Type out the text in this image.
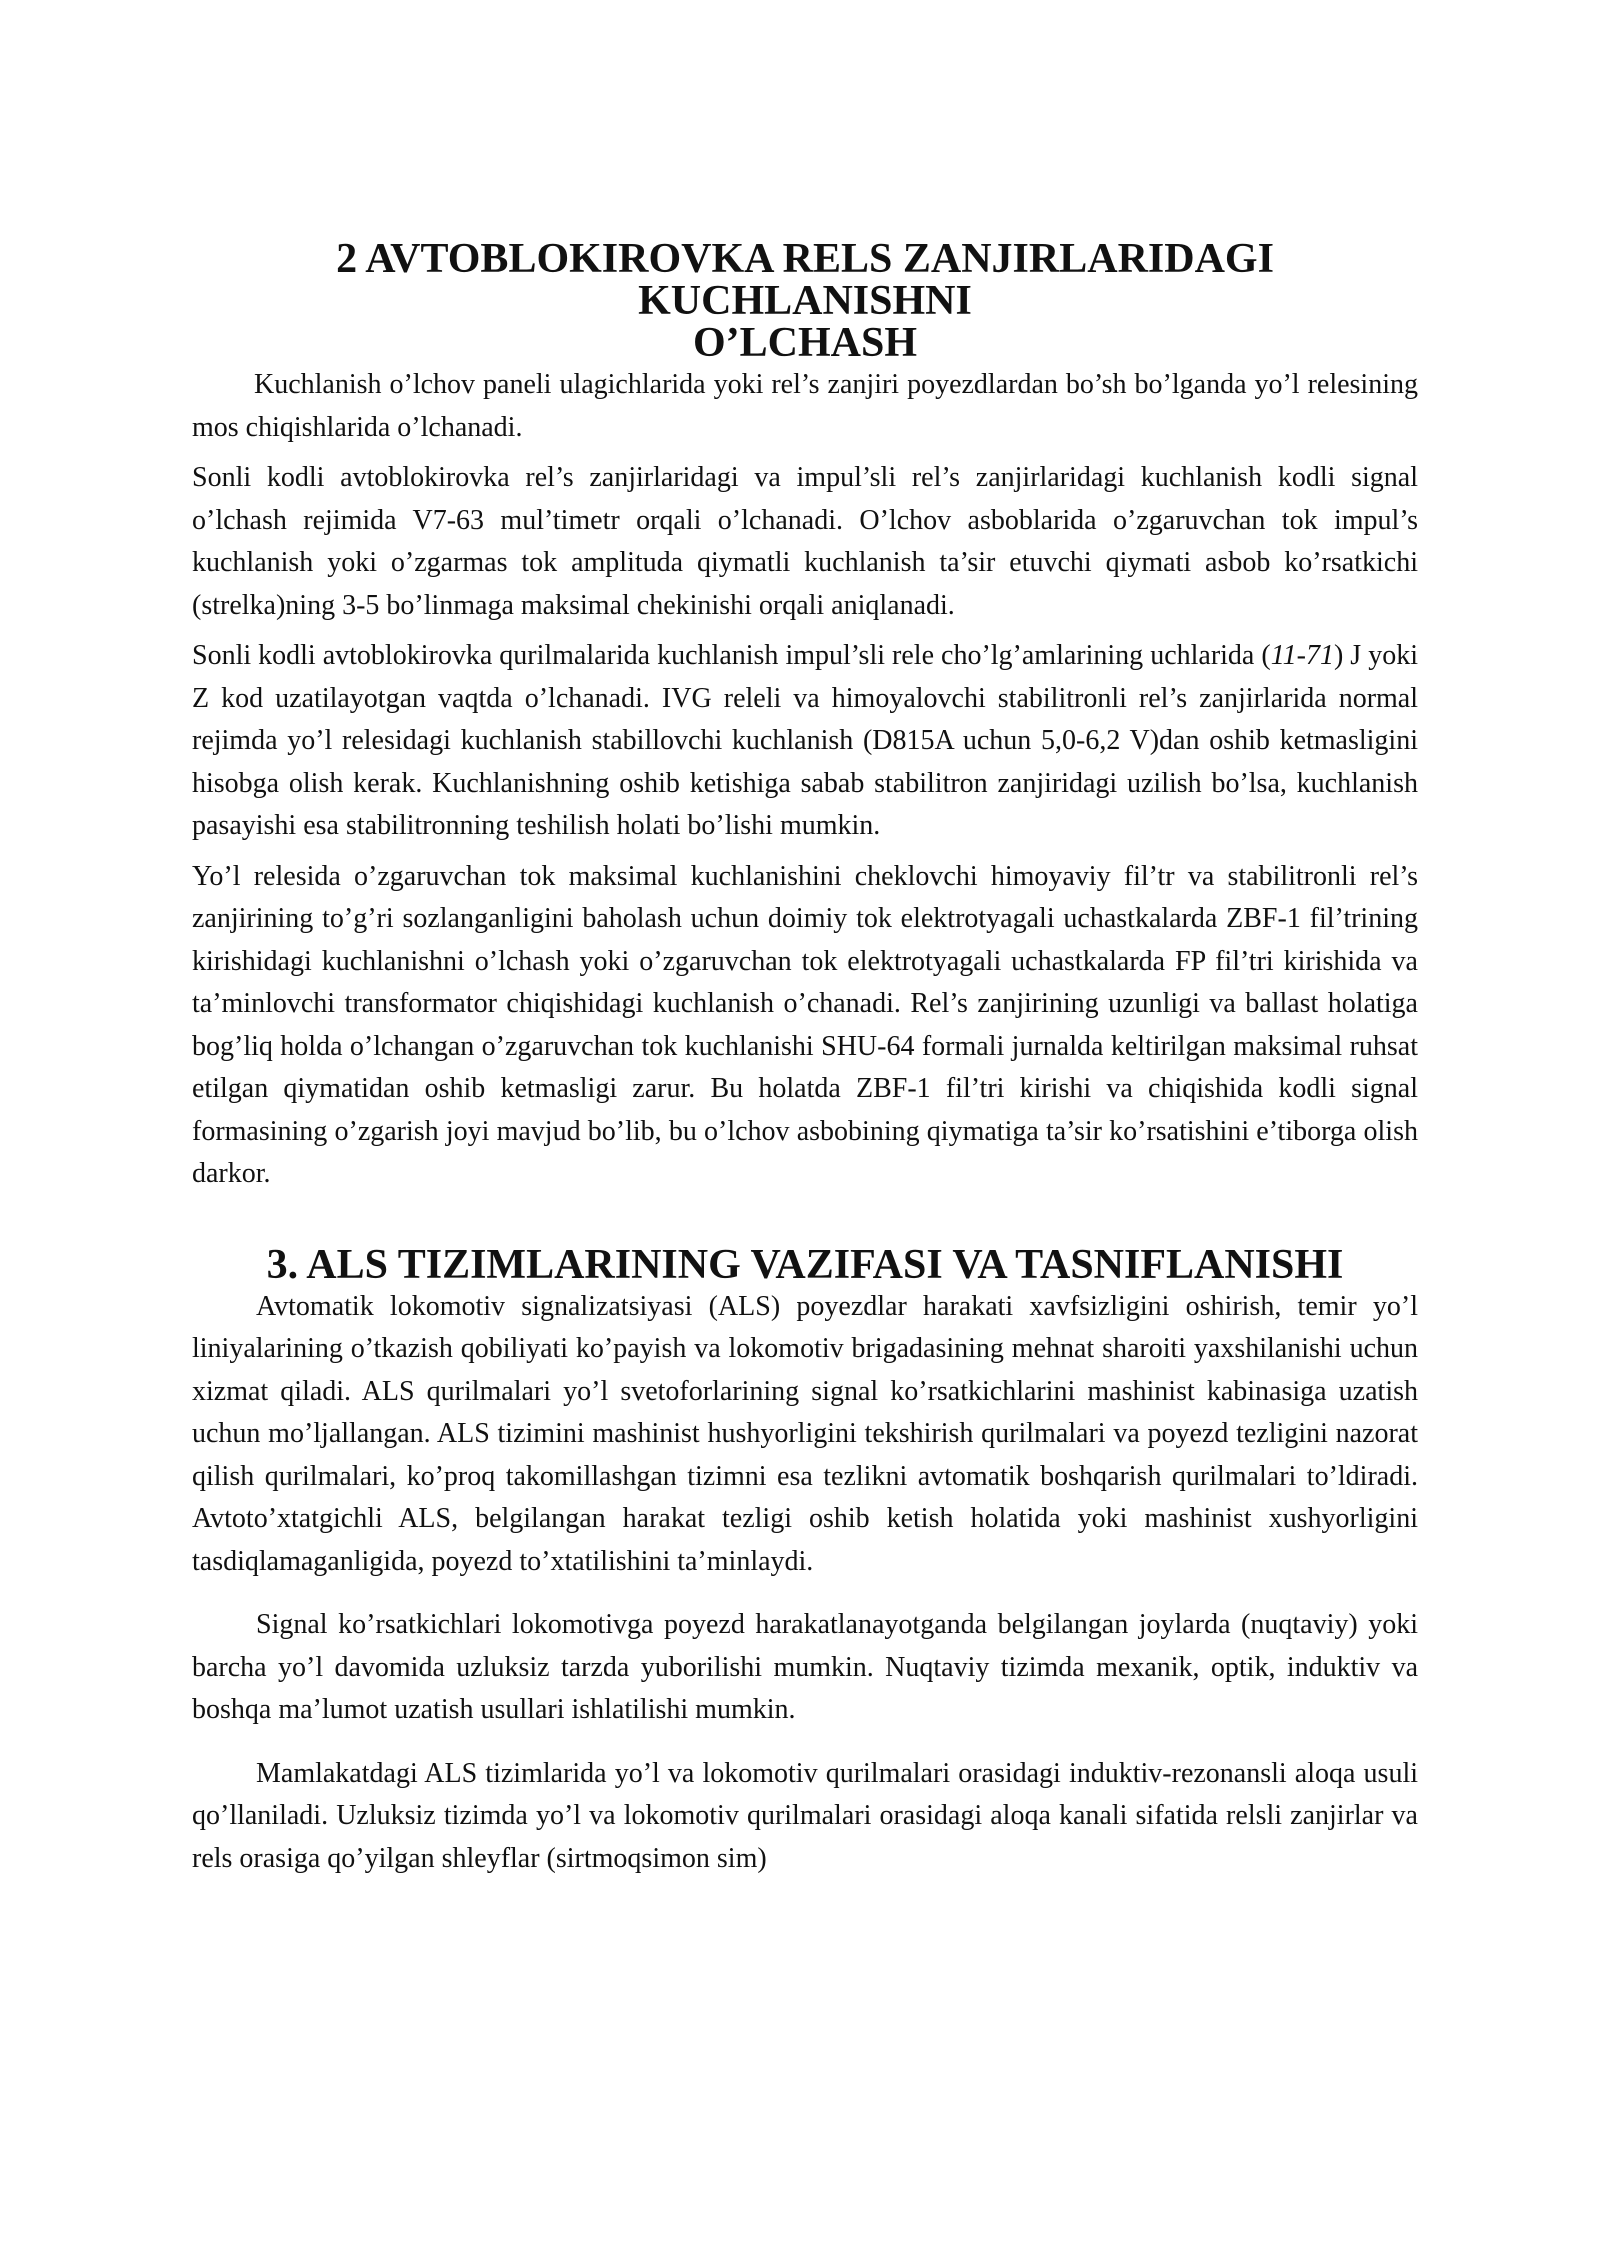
2 AVTOBLOKIROVKA RELS ZANJIRLARIDAGI KUCHLANISHNI
O’LCHASH

Kuchlanish o’lchov paneli ulagichlarida yoki rel’s zanjiri poyezdlardan bo’sh bo’lganda yo’l relesining mos chiqishlarida o’lchanadi.

Sonli kodli avtoblokirovka rel’s zanjirlaridagi va impul’sli rel’s zanjirlaridagi kuchlanish kodli signal o’lchash rejimida V7-63 mul’timetr orqali o’lchanadi. O’lchov asboblarida o’zgaruvchan tok impul’s kuchlanish yoki o’zgarmas tok amplituda qiymatli kuchlanish ta’sir etuvchi qiymati asbob ko’rsatkichi (strelka)ning 3-5 bo’linmaga maksimal chekinishi orqali aniqlanadi.

Sonli kodli avtoblokirovka qurilmalarida kuchlanish impul’sli rele cho’lg’amlarining uchlarida (11-71) J yoki Z kod uzatilayotgan vaqtda o’lchanadi. IVG releli va himoyalovchi stabilitronli rel’s zanjirlarida normal rejimda yo’l relesidagi kuchlanish stabillovchi kuchlanish (D815A uchun 5,0-6,2 V)dan oshib ketmasligini hisobga olish kerak. Kuchlanishning oshib ketishiga sabab stabilitron zanjiridagi uzilish bo’lsa, kuchlanish pasayishi esa stabilitronning teshilish holati bo’lishi mumkin.

Yo’l relesida o’zgaruvchan tok maksimal kuchlanishini cheklovchi himoyaviy fil’tr va stabilitronli rel’s zanjirining to’g’ri sozlanganligini baholash uchun doimiy tok elektrotyagali uchastkalarda ZBF-1 fil’trining kirishidagi kuchlanishni o’lchash yoki o’zgaruvchan tok elektrotyagali uchastkalarda FP fil’tri kirishida va ta’minlovchi transformator chiqishidagi kuchlanish o’chanadi. Rel’s zanjirining uzunligi va ballast holatiga bog’liq holda o’lchangan o’zgaruvchan tok kuchlanishi SHU-64 formali jurnalda keltirilgan maksimal ruhsat etilgan qiymatidan oshib ketmasligi zarur. Bu holatda ZBF-1 fil’tri kirishi va chiqishida kodli signal formasining o’zgarish joyi mavjud bo’lib, bu o’lchov asbobining qiymatiga ta’sir ko’rsatishini e’tiborga olish darkor.

3. ALS TIZIMLARINING VAZIFASI VA TASNIFLANISHI

Avtomatik lokomotiv signalizatsiyasi (ALS) poyezdlar harakati xavfsizligini oshirish, temir yo’l liniyalarining o’tkazish qobiliyati ko’payish va lokomotiv brigadasining mehnat sharoiti yaxshilanishi uchun xizmat qiladi. ALS qurilmalari yo’l svetoforlarining signal ko’rsatkichlarini mashinist kabinasiga uzatish uchun mo’ljallangan. ALS tizimini mashinist hushyorligini tekshirish qurilmalari va poyezd tezligini nazorat qilish qurilmalari, ko’proq takomillashgan tizimni esa tezlikni avtomatik boshqarish qurilmalari to’ldiradi. Avtoto’xtatgichli ALS, belgilangan harakat tezligi oshib ketish holatida yoki mashinist xushyorligini tasdiqlamaganligida, poyezd to’xtatilishini ta’minlaydi.

Signal ko’rsatkichlari lokomotivga poyezd harakatlanayotganda belgilangan joylarda (nuqtaviy) yoki barcha yo’l davomida uzluksiz tarzda yuborilishi mumkin. Nuqtaviy tizimda mexanik, optik, induktiv va boshqa ma’lumot uzatish usullari ishlatilishi mumkin.

Mamlakatdagi ALS tizimlarida yo’l va lokomotiv qurilmalari orasidagi induktiv-rezonansli aloqa usuli qo’llaniladi. Uzluksiz tizimda yo’l va lokomotiv qurilmalari orasidagi aloqa kanali sifatida relsli zanjirlar va rels orasiga qo’yilgan shleyflar (sirtmoqsimon sim)
